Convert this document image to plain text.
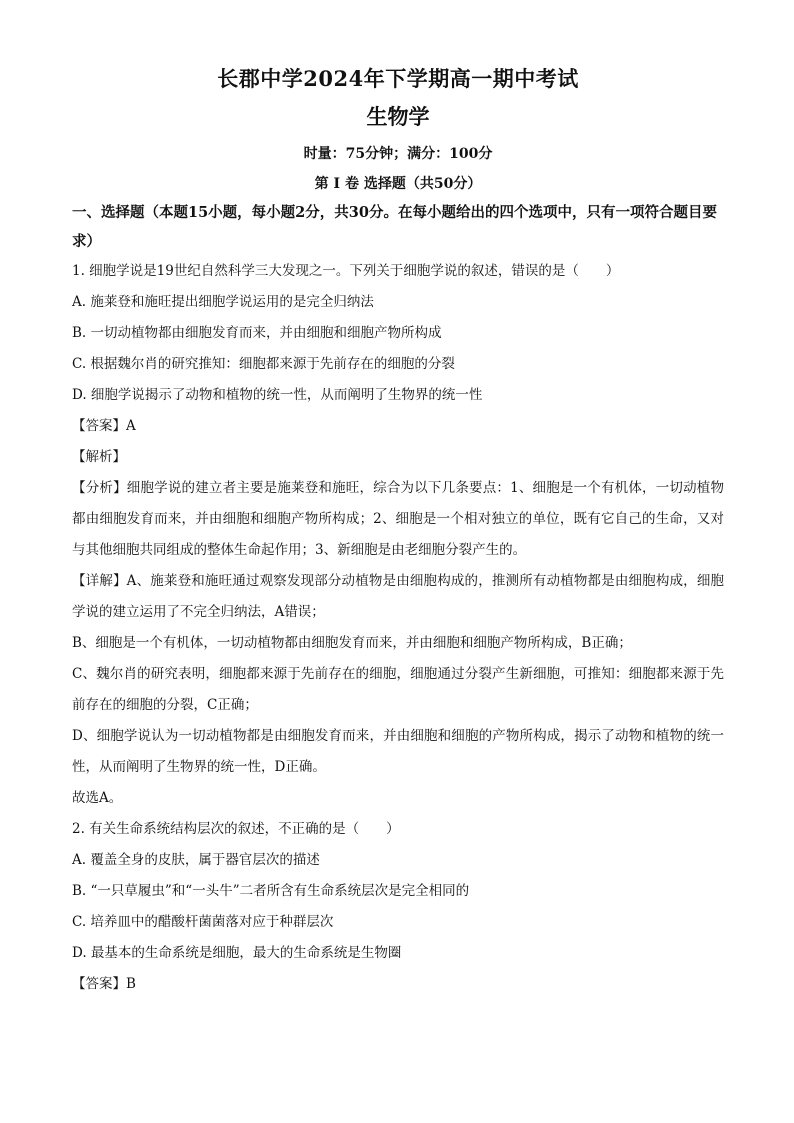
长郡中学2024年下学期高一期中考试
生物学
时量：75分钟；满分：100分
第 I 卷 选择题（共50分）
一、选择题（本题15小题，每小题2分，共30分。在每小题给出的四个选项中，只有一项符合题目要求）
1. 细胞学说是19世纪自然科学三大发现之一。下列关于细胞学说的叙述，错误的是（　　）
A. 施莱登和施旺提出细胞学说运用的是完全归纳法
B. 一切动植物都由细胞发育而来，并由细胞和细胞产物所构成
C. 根据魏尔肖的研究推知：细胞都来源于先前存在的细胞的分裂
D. 细胞学说揭示了动物和植物的统一性，从而阐明了生物界的统一性
【答案】A
【解析】
【分析】细胞学说的建立者主要是施莱登和施旺，综合为以下几条要点：1、细胞是一个有机体，一切动植物都由细胞发育而来，并由细胞和细胞产物所构成；2、细胞是一个相对独立的单位，既有它自己的生命，又对与其他细胞共同组成的整体生命起作用；3、新细胞是由老细胞分裂产生的。
【详解】A、施莱登和施旺通过观察发现部分动植物是由细胞构成的，推测所有动植物都是由细胞构成，细胞学说的建立运用了不完全归纳法，A错误；
B、细胞是一个有机体，一切动植物都由细胞发育而来，并由细胞和细胞产物所构成，B正确；
C、魏尔肖的研究表明，细胞都来源于先前存在的细胞，细胞通过分裂产生新细胞，可推知：细胞都来源于先前存在的细胞的分裂，C正确；
D、细胞学说认为一切动植物都是由细胞发育而来，并由细胞和细胞的产物所构成，揭示了动物和植物的统一性，从而阐明了生物界的统一性，D正确。
故选A。
2. 有关生命系统结构层次的叙述，不正确的是（　　）
A. 覆盖全身的皮肤，属于器官层次的描述
B. “一只草履虫”和“一头牛”二者所含有生命系统层次是完全相同的
C. 培养皿中的醋酸杆菌菌落对应于种群层次
D. 最基本的生命系统是细胞，最大的生命系统是生物圈
【答案】B
